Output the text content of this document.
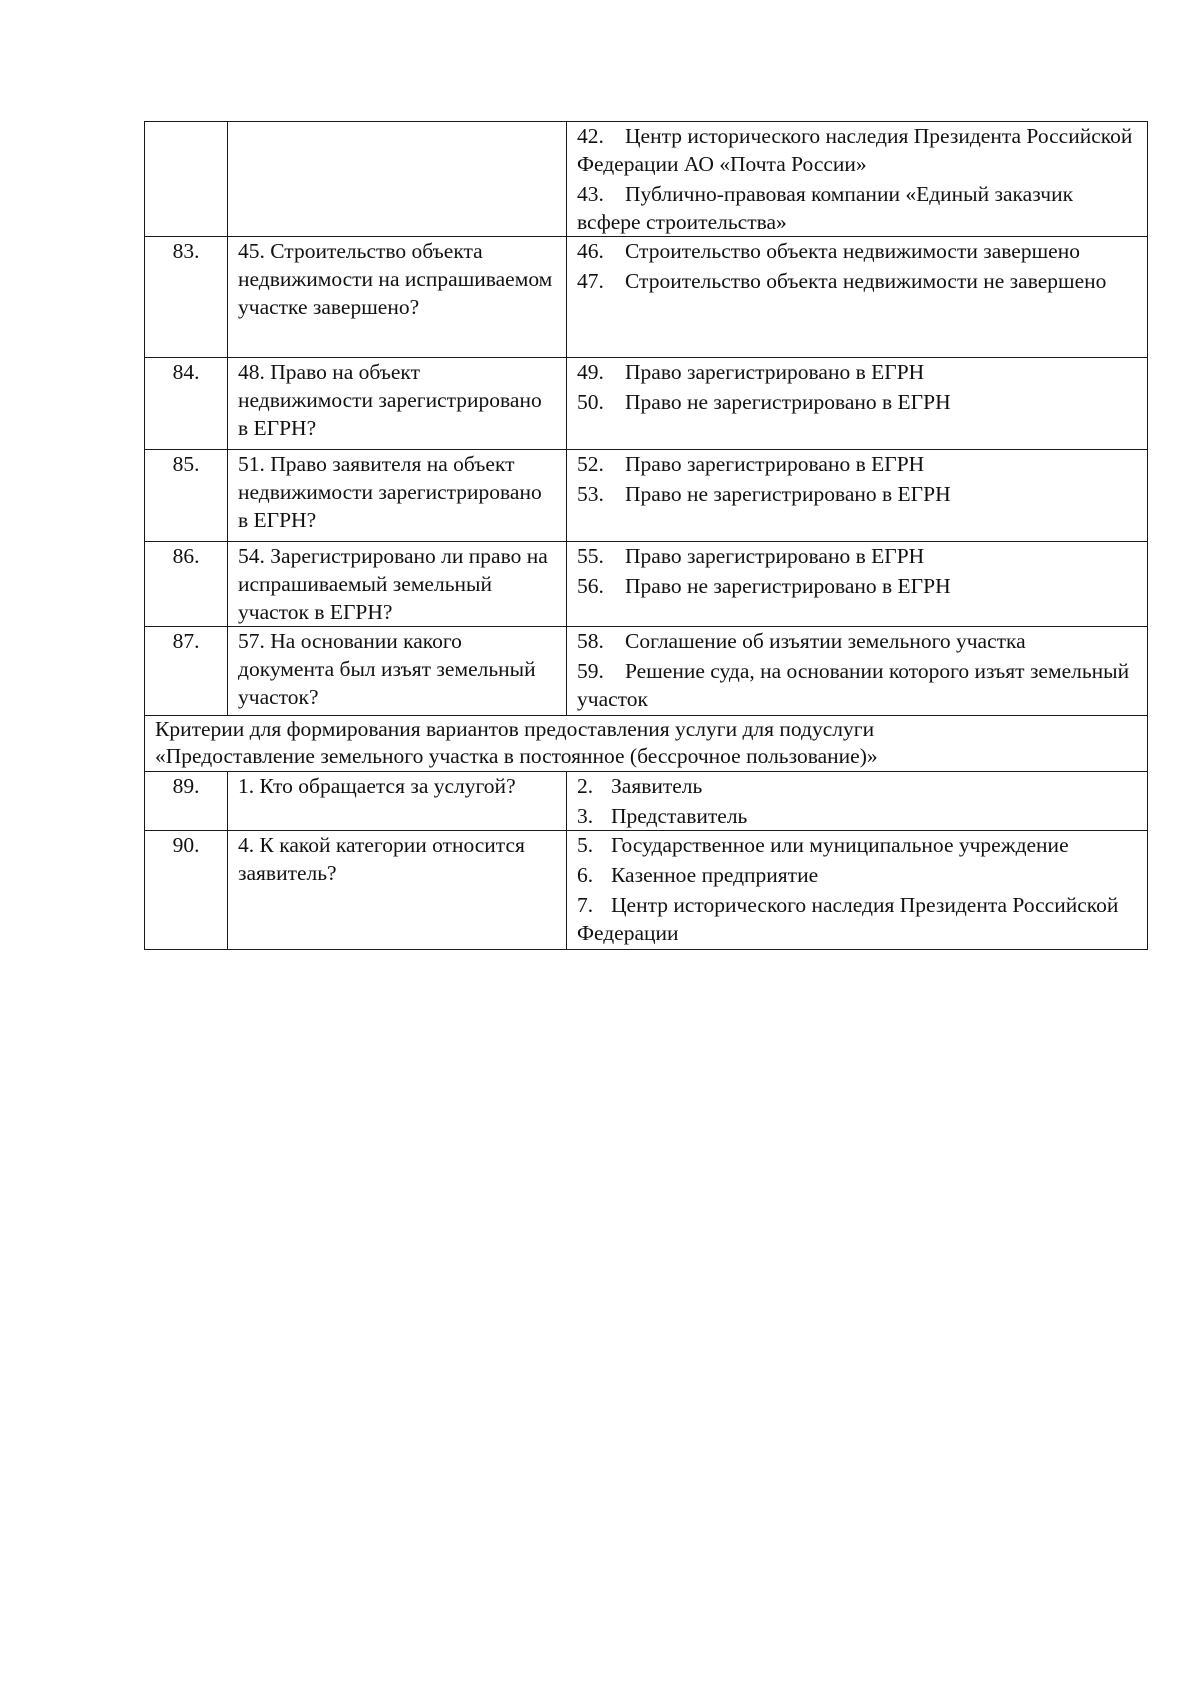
		42. Центр исторического наследия Президента Российской Федерации АО «Почта России»
43. Публично-правовая компании «Единый заказчик всфере строительства»

83.	45. Строительство объекта недвижимости на испрашиваемом участке завершено?	46. Строительство объекта недвижимости завершено
47. Строительство объекта недвижимости не завершено

84.	48. Право на объект недвижимости зарегистрировано в ЕГРН?	49. Право зарегистрировано в ЕГРН
50. Право не зарегистрировано в ЕГРН

85.	51. Право заявителя на объект недвижимости зарегистрировано в ЕГРН?	52. Право зарегистрировано в ЕГРН
53. Право не зарегистрировано в ЕГРН

86.	54. Зарегистрировано ли право на испрашиваемый земельный участок в ЕГРН?	55. Право зарегистрировано в ЕГРН
56. Право не зарегистрировано в ЕГРН

87.	57. На основании какого документа был изъят земельный участок?	58. Соглашение об изъятии земельного участка
59. Решение суда, на основании которого изъят земельный участок

Критерии для формирования вариантов предоставления услуги для подуслуги
«Предоставление земельного участка в постоянное (бессрочное пользование)»		

89.	1. Кто обращается за услугой?	2. Заявитель
3. Представитель

90.	4. К какой категории относится заявитель?	5. Государственное или муниципальное учреждение
6. Казенное предприятие
7. Центр исторического наследия Президента Российской Федерации
